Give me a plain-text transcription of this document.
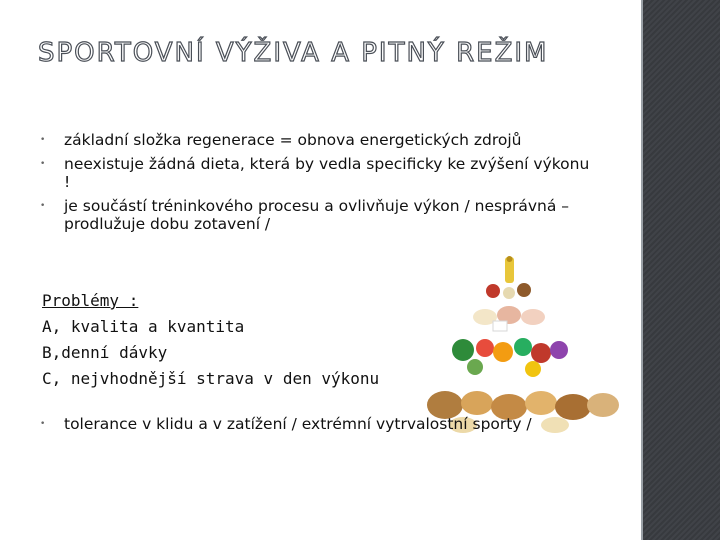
SPORTOVNÍ VÝŽIVA A PITNÝ REŽIM
• základní složka regenerace = obnova energetických zdrojů
• neexistuje žádná dieta, která by vedla specificky ke zvýšení výkonu !
• je součástí tréninkového procesu a ovlivňuje výkon / nesprávná – prodlužuje dobu zotavení /
Problémy :
A, kvalita a kvantita
B,denní dávky
C, nejvhodnější strava v den výkonu
• tolerance v klidu a v zatížení / extrémní vytrvalostní sporty /
